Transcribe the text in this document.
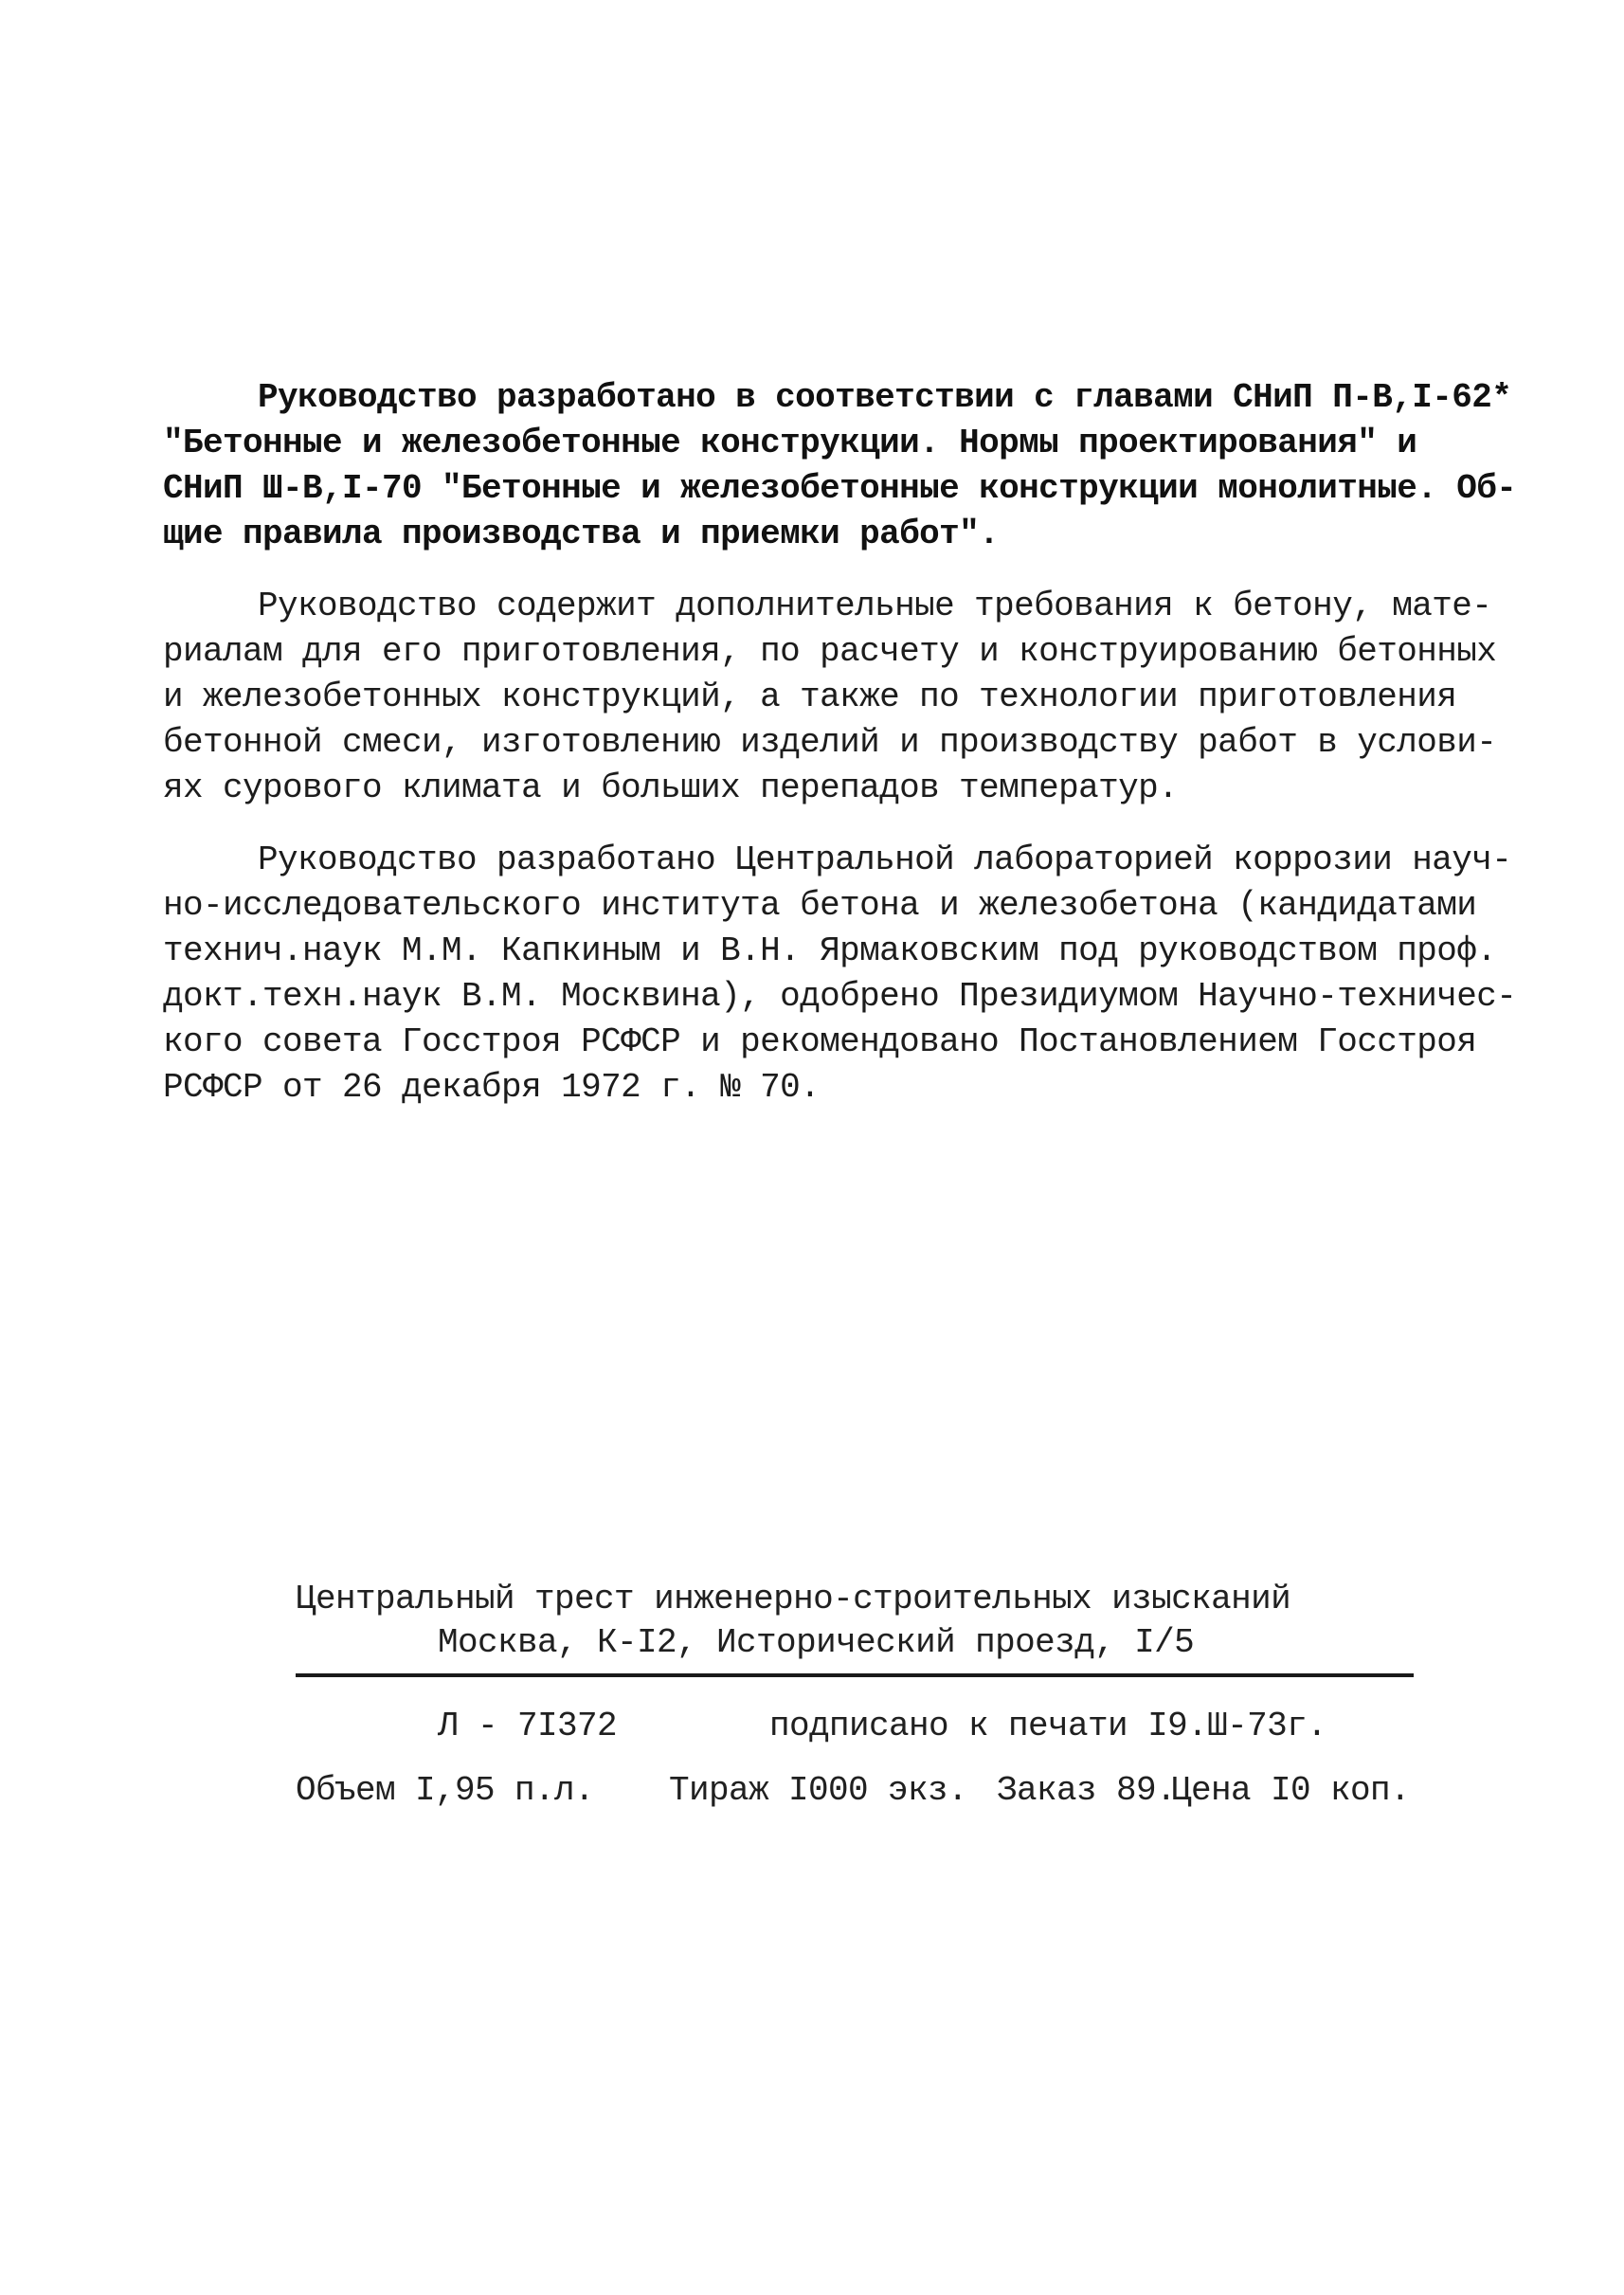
Руководство разработано в соответствии с главами СНиП П-В,I-62*
"Бетонные и железобетонные конструкции. Нормы проектирования" и
СНиП Ш-В,I-70 "Бетонные и железобетонные конструкции монолитные. Об-
щие правила производства и приемки работ".
Руководство содержит дополнительные требования к бетону, мате-
риалам для его приготовления, по расчету и конструированию бетонных
и железобетонных конструкций, а также по технологии приготовления
бетонной смеси, изготовлению изделий и производству работ в услови-
ях сурового климата и больших перепадов температур.
Руководство разработано Центральной лабораторией коррозии науч-
но-исследовательского института бетона и железобетона (кандидатами
технич.наук М.М. Капкиным и В.Н. Ярмаковским под руководством проф.
докт.техн.наук В.М. Москвина), одобрено Президиумом Научно-техничес-
кого совета Госстроя РСФСР и рекомендовано Постановлением Госстроя
РСФСР от 26 декабря 1972 г. № 70.
Центральный трест инженерно-строительных изысканий
Москва, К-I2, Исторический проезд, I/5
Л - 7I372	подписано к печати I9.Ш-73г.
Объем I,95 п.л. Тираж I000 экз. Заказ 89.
Цена I0 коп.
